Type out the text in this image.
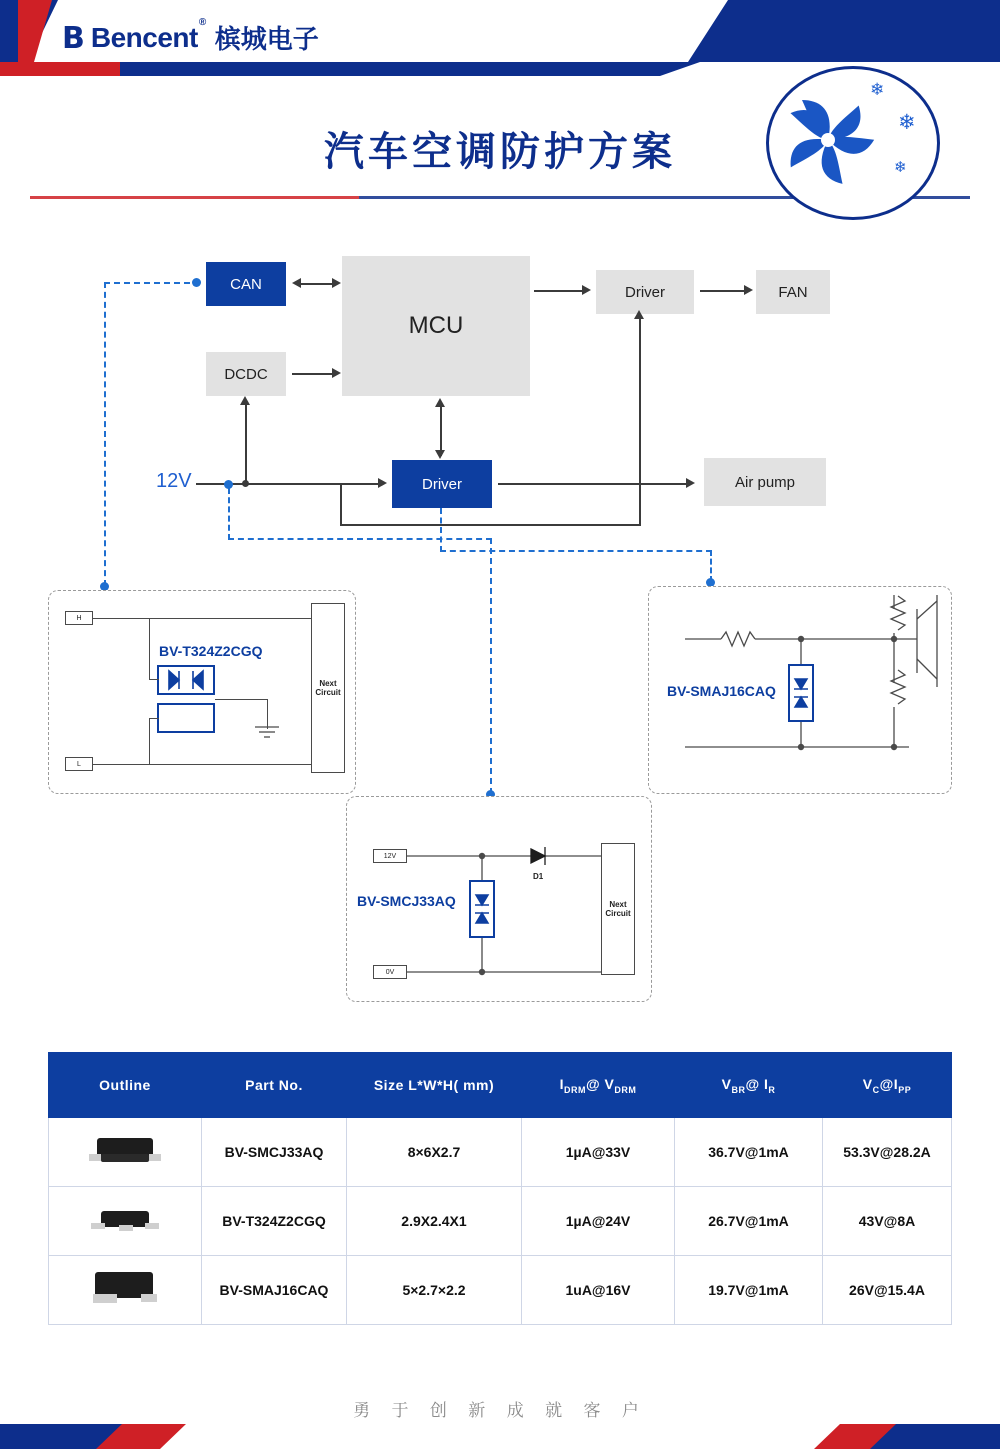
B Bencent®
槟城电子
汽车空调防护方案
❄
❄
❄
CAN
MCU
Driver	FAN
DCDC
Driver	Air pump
12V
H
L
Next Circuit
BV-T324Z2CGQ
BV-SMAJ16CAQ
12V
0V
Next Circuit
BV-SMCJ33AQ
D1
Outline	Part No.	Size L*W*H( mm)	$I_{DRM}@$ $V_{DRM}$	$V_{BR}@$ $I_R$	$V_C@I_{PP}$

	BV-SMCJ33AQ	8×6X2.7	1µA@33V	36.7V@1mA	53.3V@28.2A

	BV-T324Z2CGQ	2.9X2.4X1	1µA@24V	26.7V@1mA	43V@8A

	BV-SMAJ16CAQ	5×2.7×2.2	1uA@16V	19.7V@1mA	26V@15.4A
勇 于 创 新 成 就 客 户
